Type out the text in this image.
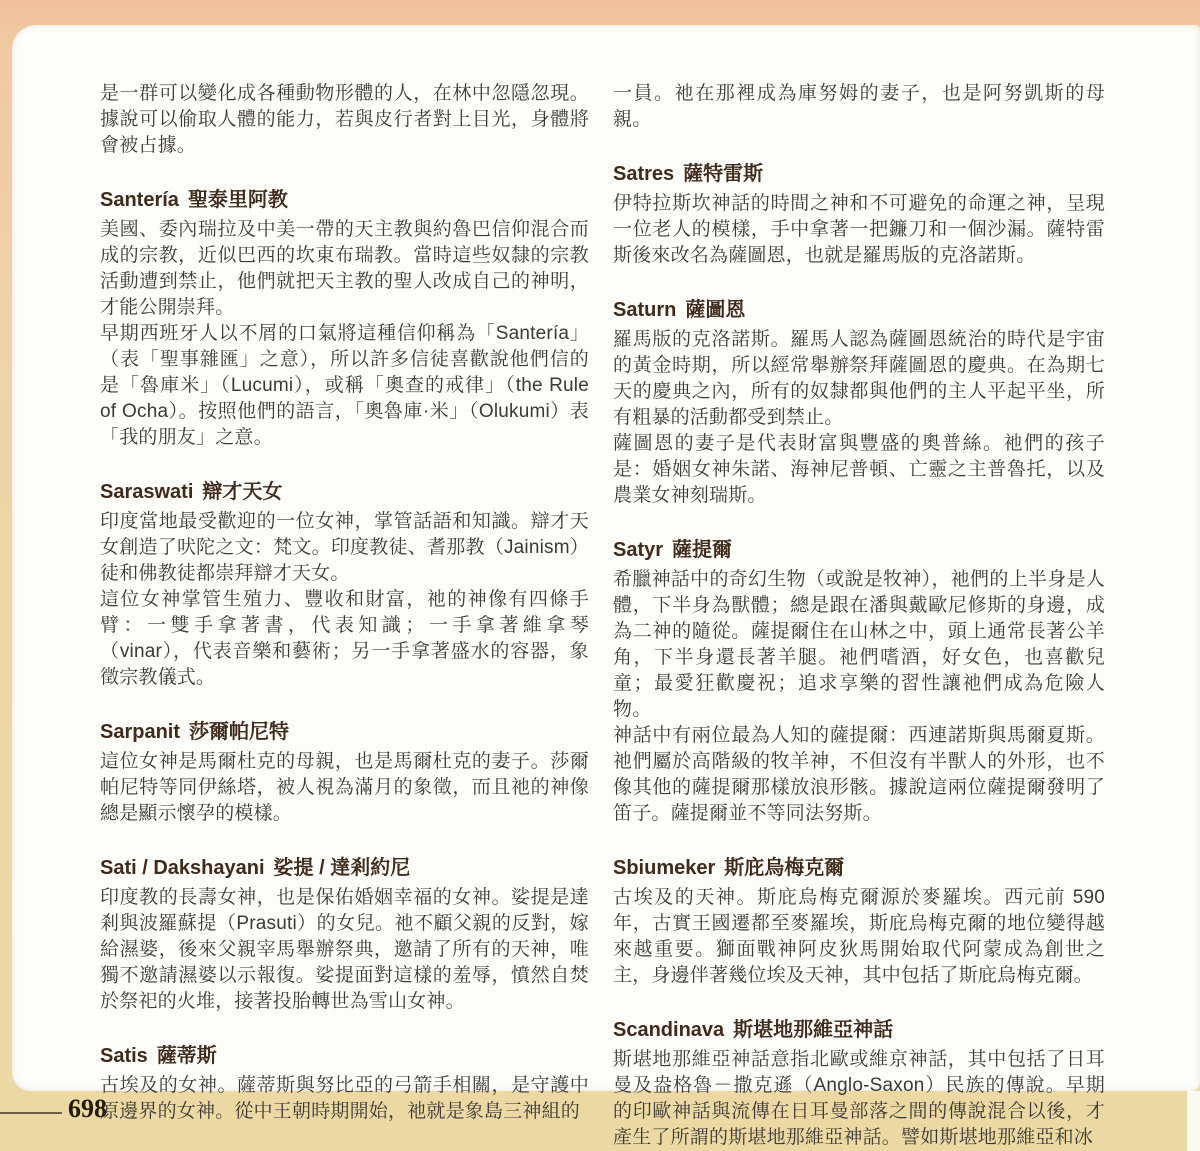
是一群可以變化成各種動物形體的人，在林中忽隱忽現。據說可以偷取人體的能力，若與皮行者對上目光，身體將會被占據。

Santería 聖泰里阿教

美國、委內瑞拉及中美一帶的天主教與約魯巴信仰混合而成的宗教，近似巴西的坎東布瑞教。當時這些奴隸的宗教活動遭到禁止，他們就把天主教的聖人改成自己的神明，才能公開崇拜。

早期西班牙人以不屑的口氣將這種信仰稱為「Santería」（表「聖事雜匯」之意），所以許多信徒喜歡說他們信的是「魯庫米」（Lucumi），或稱「奧查的戒律」（the Rule of Ocha）。按照他們的語言，「奧魯庫·米」（Olukumi）表「我的朋友」之意。

Saraswati 辯才天女

印度當地最受歡迎的一位女神，掌管話語和知識。辯才天女創造了吠陀之文：梵文。印度教徒、耆那教（Jainism）徒和佛教徒都崇拜辯才天女。

這位女神掌管生殖力、豐收和財富，祂的神像有四條手臂：一雙手拿著書，代表知識；一手拿著維拿琴（vinar），代表音樂和藝術；另一手拿著盛水的容器，象徵宗教儀式。

Sarpanit 莎爾帕尼特

這位女神是馬爾杜克的母親，也是馬爾杜克的妻子。莎爾帕尼特等同伊絲塔，被人視為滿月的象徵，而且祂的神像總是顯示懷孕的模樣。

Sati / Dakshayani 娑提 / 達剎約尼

印度教的長壽女神，也是保佑婚姻幸福的女神。娑提是達剎與波羅蘇提（Prasuti）的女兒。祂不顧父親的反對，嫁給濕婆，後來父親宰馬舉辦祭典，邀請了所有的天神，唯獨不邀請濕婆以示報復。娑提面對這樣的羞辱，憤然自焚於祭祀的火堆，接著投胎轉世為雪山女神。

Satis 薩蒂斯

古埃及的女神。薩蒂斯與努比亞的弓箭手相關，是守護中原邊界的女神。從中王朝時期開始，祂就是象島三神組的

一員。祂在那裡成為庫努姆的妻子，也是阿努凱斯的母親。

Satres 薩特雷斯

伊特拉斯坎神話的時間之神和不可避免的命運之神，呈現一位老人的模樣，手中拿著一把鐮刀和一個沙漏。薩特雷斯後來改名為薩圖恩，也就是羅馬版的克洛諾斯。

Saturn 薩圖恩

羅馬版的克洛諾斯。羅馬人認為薩圖恩統治的時代是宇宙的黃金時期，所以經常舉辦祭拜薩圖恩的慶典。在為期七天的慶典之內，所有的奴隸都與他們的主人平起平坐，所有粗暴的活動都受到禁止。

薩圖恩的妻子是代表財富與豐盛的奧普絲。祂們的孩子是：婚姻女神朱諾、海神尼普頓、亡靈之主普魯托，以及農業女神刻瑞斯。

Satyr 薩提爾

希臘神話中的奇幻生物（或說是牧神），祂們的上半身是人體，下半身為獸體；總是跟在潘與戴歐尼修斯的身邊，成為二神的隨從。薩提爾住在山林之中，頭上通常長著公羊角，下半身還長著羊腿。祂們嗜酒，好女色，也喜歡兒童；最愛狂歡慶祝；追求享樂的習性讓祂們成為危險人物。

神話中有兩位最為人知的薩提爾：西連諾斯與馬爾夏斯。祂們屬於高階級的牧羊神，不但沒有半獸人的外形，也不像其他的薩提爾那樣放浪形骸。據說這兩位薩提爾發明了笛子。薩提爾並不等同法努斯。

Sbiumeker 斯庇烏梅克爾

古埃及的天神。斯庇烏梅克爾源於麥羅埃。西元前 590 年，古實王國遷都至麥羅埃，斯庇烏梅克爾的地位變得越來越重要。獅面戰神阿皮狄馬開始取代阿蒙成為創世之主，身邊伴著幾位埃及天神，其中包括了斯庇烏梅克爾。

Scandinava 斯堪地那維亞神話

斯堪地那維亞神話意指北歐或維京神話，其中包括了日耳曼及盎格魯－撒克遜（Anglo-Saxon）民族的傳說。早期的印歐神話與流傳在日耳曼部落之間的傳說混合以後，才產生了所謂的斯堪地那維亞神話。譬如斯堪地那維亞和冰

698
